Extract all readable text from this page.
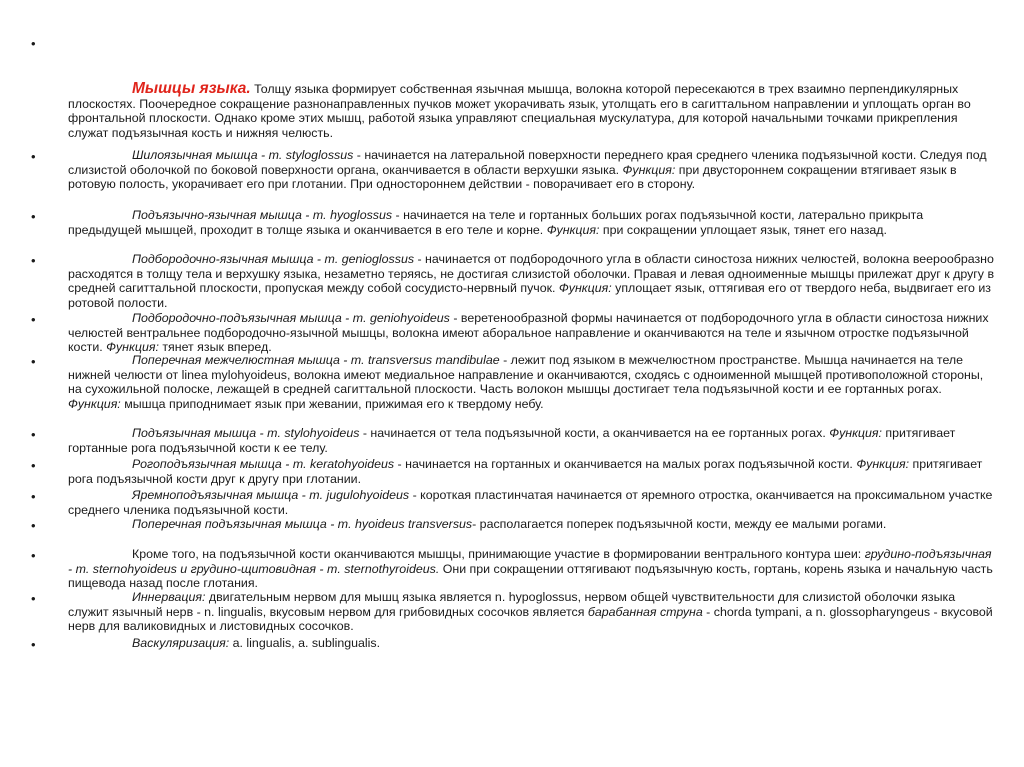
•

Мышцы языка. Толщу языка формирует собственная язычная мышца, волокна которой пересекаются в трех взаимно перпендикулярных плоскостях. Поочередное сокращение разнонаправленных пучков может укорачивать язык, утолщать его в сагиттальном направлении и уплощать орган во фронтальной плоскости. Однако кроме этих мышц, работой языка управляют специальная мускулатура, для которой начальными точками прикрепления служат подъязычная кость и нижняя челюсть.

•	Шилоязычная мышца - m. styloglossus - начинается на латеральной поверхности переднего края среднего членика подъязычной кости. Следуя под слизистой оболочкой по боковой поверхности органа, оканчивается в области верхушки языка. Функция: при двустороннем сокращении втягивает язык в ротовую полость, укорачивает его при глотании. При одностороннем действии - поворачивает его в сторону.

•	Подъязычно-язычная мышца - m. hyoglossus - начинается на теле и гортанных больших рогах подъязычной кости, латерально прикрыта предыдущей мышцей, проходит в толще языка и оканчивается в его теле и корне. Функция: при сокращении уплощает язык, тянет его назад.

•	Подбородочно-язычная мышца - m. genioglossus - начинается от подбородочного угла в области синостоза нижних челюстей, волокна веерообразно расходятся в толщу тела и верхушку языка, незаметно теряясь, не достигая слизистой оболочки. Правая и левая одноименные мышцы прилежат друг к другу в средней сагиттальной плоскости, пропуская между собой сосудисто-нервный пучок. Функция: уплощает язык, оттягивая его от твердого неба, выдвигает его из ротовой полости.

•	Подбородочно-подъязычная мышца - m. geniohyoideus - веретенообразной формы начинается от подбородочного угла в области синостоза нижних челюстей вентральнее подбородочно-язычной мышцы, волокна имеют аборальное направление и оканчиваются на теле и язычном отростке подъязычной кости. Функция: тянет язык вперед.

•	Поперечная межчелюстная мышца - m. transversus mandibulae - лежит под языком в межчелюстном пространстве. Мышца начинается на теле нижней челюсти от linea mylohyoideus, волокна имеют медиальное направление и оканчиваются, сходясь с одноименной мышцей противоположной стороны, на сухожильной полоске, лежащей в средней сагиттальной плоскости. Часть волокон мышцы достигает тела подъязычной кости и ее гортанных рогах. Функция: мышца приподнимает язык при жевании, прижимая его к твердому небу.

•	Подъязычная мышца - m. stylohyoideus - начинается от тела подъязычной кости, а оканчивается на ее гортанных рогах. Функция: притягивает гортанные рога подъязычной кости к ее телу.

•	Рогоподъязычная мышца - m. keratohyoideus - начинается на гортанных и оканчивается на малых рогах подъязычной кости. Функция: притягивает рога подъязычной кости друг к другу при глотании.

•	Яремноподъязычная мышца - m. jugulohyoideus - короткая пластинчатая начинается от яремного отростка, оканчивается на проксимальном участке среднего членика подъязычной кости.

•	Поперечная подъязычная мышца - m. hyoideus transversus- располагается поперек подъязычной кости, между ее малыми рогами.

•	Кроме того, на подъязычной кости оканчиваются мышцы, принимающие участие в формировании вентрального контура шеи: грудино-подъязычная - m. sternohyoideus и грудино-щитовидная - m. sternothyroideus. Они при сокращении оттягивают подъязычную кость, гортань, корень языка и начальную часть пищевода назад после глотания.

•	Иннервация: двигательным нервом для мышц языка является n. hypoglossus, нервом общей чувствительности для слизистой оболочки языка служит язычный нерв - n. lingualis, вкусовым нервом для грибовидных сосочков является барабанная струна - chorda tympani, а n. glossopharyngeus - вкусовой нерв для валиковидных и листовидных сосочков.

•	Васкуляризация: a. lingualis, a. sublingualis.
